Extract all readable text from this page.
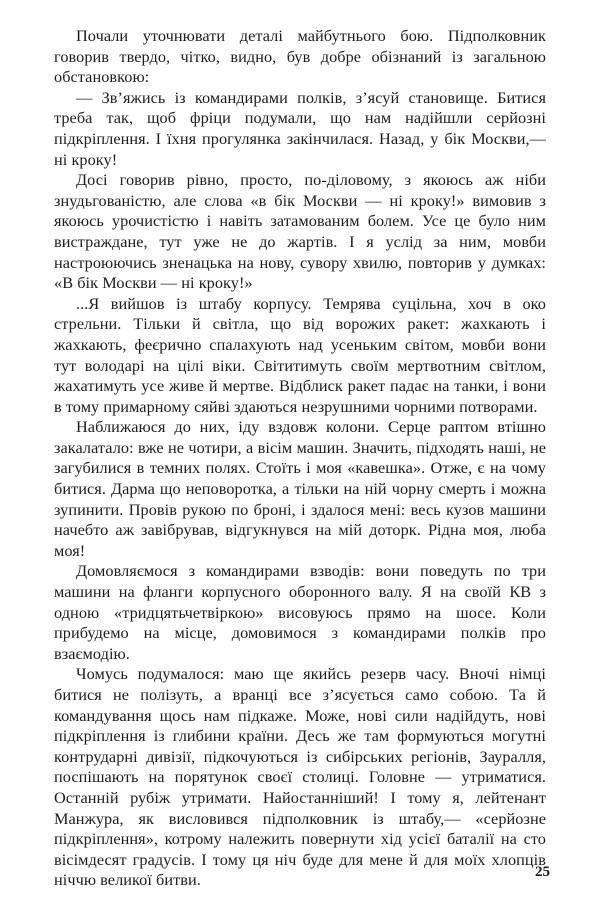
Почали уточнювати деталі майбутнього бою. Підполковник говорив твердо, чітко, видно, був добре обізнаний із загальною обстановкою:

— Зв’яжись із командирами полків, з’ясуй становище. Битися треба так, щоб фріци подумали, що нам надійшли серйозні підкріплення. І їхня прогулянка закінчилася. Назад, у бік Москви,— ні кроку!

Досі говорив рівно, просто, по-діловому, з якоюсь аж ніби знудьгованістю, але слова «в бік Москви — ні кроку!» вимовив з якоюсь урочистістю і навіть затамованим болем. Усе це було ним вистраждане, тут уже не до жартів. І я услід за ним, мовби настроюючись зненацька на нову, сувору хвилю, повторив у думках: «В бік Москви — ні кроку!»

...Я вийшов із штабу корпусу. Темрява суцільна, хоч в око стрельни. Тільки й світла, що від ворожих ракет: жахкають і жахкають, феєрично спалахують над усеньким світом, мовби вони тут володарі на цілі віки. Світитимуть своїм мертвотним світлом, жахатимуть усе живе й мертве. Відблиск ракет падає на танки, і вони в тому примарному сяйві здаються незрушними чорними потворами.

Наближаюся до них, іду вздовж колони. Серце раптом втішно закалатало: вже не чотири, а вісім машин. Значить, підходять наші, не загубилися в темних полях. Стоїть і моя «кавешка». Отже, є на чому битися. Дарма що неповоротка, а тільки на ній чорну смерть і можна зупинити. Провів рукою по броні, і здалося мені: весь кузов машини начебто аж завібрував, відгукнувся на мій доторк. Рідна моя, люба моя!

Домовляємося з командирами взводів: вони поведуть по три машини на фланги корпусного оборонного валу. Я на своїй КВ з одною «тридцятьчетвіркою» висовуюсь прямо на шосе. Коли прибудемо на місце, домовимося з командирами полків про взаємодію.

Чомусь подумалося: маю ще якийсь резерв часу. Вночі німці битися не полізуть, а вранці все з’ясується само собою. Та й командування щось нам підкаже. Може, нові сили надійдуть, нові підкріплення із глибини країни. Десь же там формуються могутні контрударні дивізії, підкочуються із сибірських регіонів, Зауралля, поспішають на порятунок своєї столиці. Головне — утриматися. Останній рубіж утримати. Найостанніший! І тому я, лейтенант Манжура, як висловився підполковник із штабу,— «серйозне підкріплення», котрому належить повернути хід усієї баталії на сто вісімдесят градусів. І тому ця ніч буде для мене й для моїх хлопців ніччю великої битви.	25
